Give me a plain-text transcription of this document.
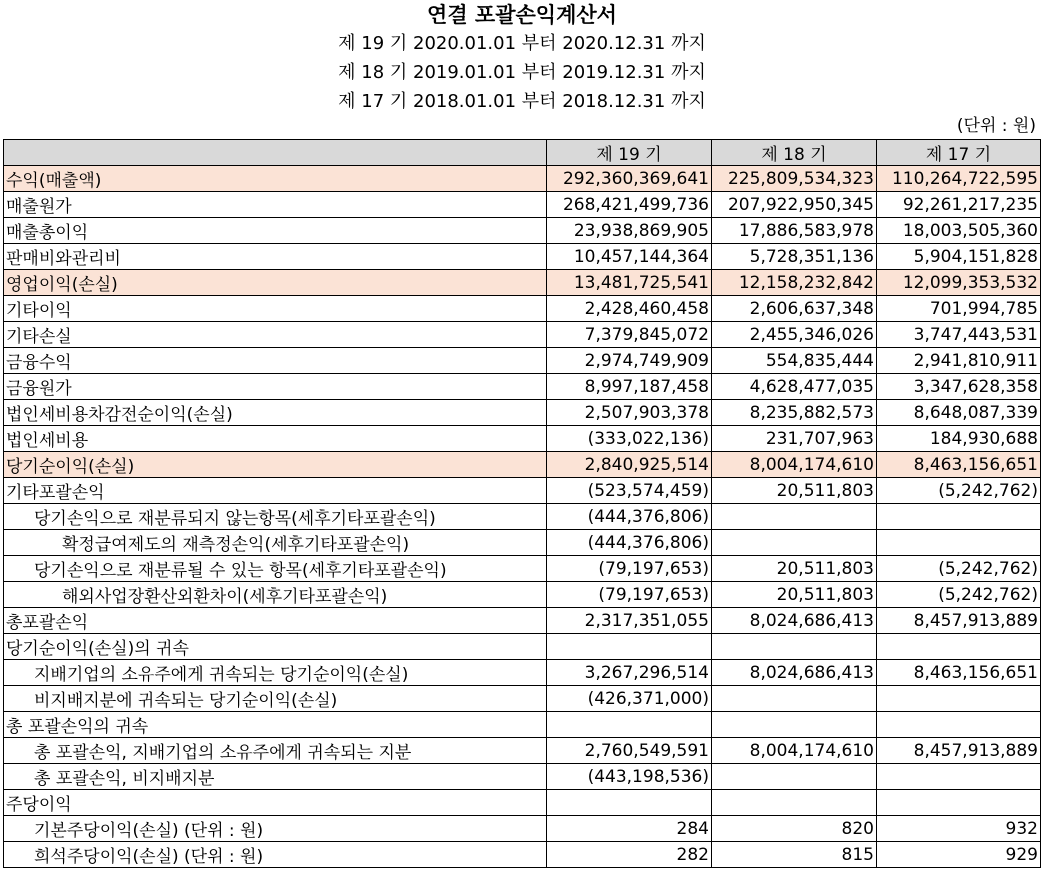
연결 포괄손익계산서
제 19 기 2020.01.01 부터 2020.12.31 까지
제 18 기 2019.01.01 부터 2019.12.31 까지
제 17 기 2018.01.01 부터 2018.12.31 까지
(단위 : 원)
	제 19 기	제 18 기	제 17 기
수익(매출액)	292,360,369,641	225,809,534,323	110,264,722,595
매출원가	268,421,499,736	207,922,950,345	92,261,217,235
매출총이익	23,938,869,905	17,886,583,978	18,003,505,360
판매비와관리비	10,457,144,364	5,728,351,136	5,904,151,828
영업이익(손실)	13,481,725,541	12,158,232,842	12,099,353,532
기타이익	2,428,460,458	2,606,637,348	701,994,785
기타손실	7,379,845,072	2,455,346,026	3,747,443,531
금융수익	2,974,749,909	554,835,444	2,941,810,911
금융원가	8,997,187,458	4,628,477,035	3,347,628,358
법인세비용차감전순이익(손실)	2,507,903,378	8,235,882,573	8,648,087,339
법인세비용	(333,022,136)	231,707,963	184,930,688
당기순이익(손실)	2,840,925,514	8,004,174,610	8,463,156,651
기타포괄손익	(523,574,459)	20,511,803	(5,242,762)
당기손익으로 재분류되지 않는항목(세후기타포괄손익)	(444,376,806)		
확정급여제도의 재측정손익(세후기타포괄손익)	(444,376,806)		
당기손익으로 재분류될 수 있는 항목(세후기타포괄손익)	(79,197,653)	20,511,803	(5,242,762)
해외사업장환산외환차이(세후기타포괄손익)	(79,197,653)	20,511,803	(5,242,762)
총포괄손익	2,317,351,055	8,024,686,413	8,457,913,889
당기순이익(손실)의 귀속			
지배기업의 소유주에게 귀속되는 당기순이익(손실)	3,267,296,514	8,024,686,413	8,463,156,651
비지배지분에 귀속되는 당기순이익(손실)	(426,371,000)		
총 포괄손익의 귀속			
총 포괄손익, 지배기업의 소유주에게 귀속되는 지분	2,760,549,591	8,004,174,610	8,457,913,889
총 포괄손익, 비지배지분	(443,198,536)		
주당이익			
기본주당이익(손실) (단위 : 원)	284	820	932
희석주당이익(손실) (단위 : 원)	282	815	929
